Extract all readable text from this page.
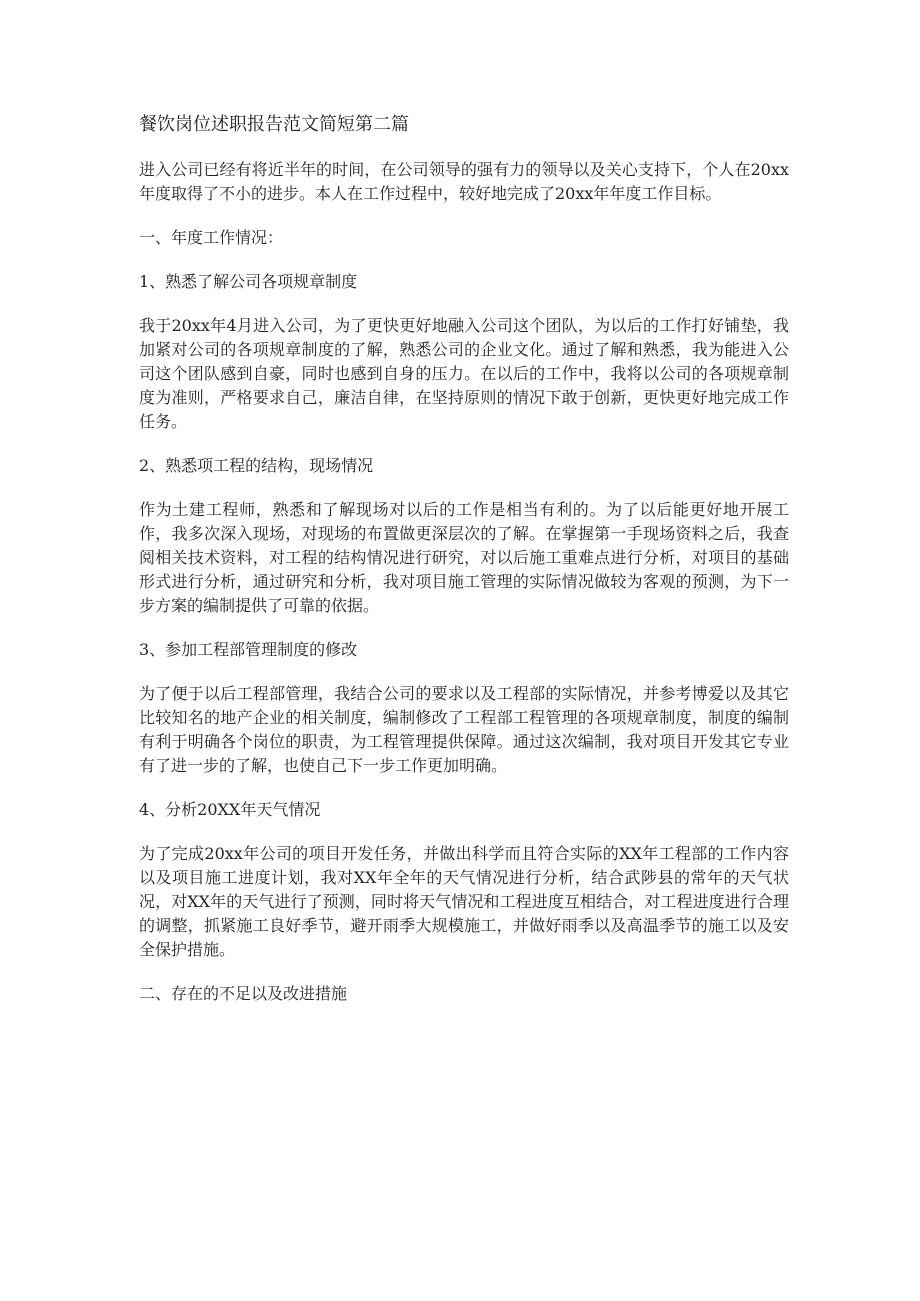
餐饮岗位述职报告范文简短第二篇
进入公司已经有将近半年的时间，在公司领导的强有力的领导以及关心支持下，个人在20xx年度取得了不小的进步。本人在工作过程中，较好地完成了20xx年年度工作目标。
一、年度工作情况：
1、熟悉了解公司各项规章制度
我于20xx年4月进入公司，为了更快更好地融入公司这个团队，为以后的工作打好铺垫，我加紧对公司的各项规章制度的了解，熟悉公司的企业文化。通过了解和熟悉，我为能进入公司这个团队感到自豪，同时也感到自身的压力。在以后的工作中，我将以公司的各项规章制度为准则，严格要求自己，廉洁自律，在坚持原则的情况下敢于创新，更快更好地完成工作任务。
2、熟悉项工程的结构，现场情况
作为土建工程师，熟悉和了解现场对以后的工作是相当有利的。为了以后能更好地开展工作，我多次深入现场，对现场的布置做更深层次的了解。在掌握第一手现场资料之后，我查阅相关技术资料，对工程的结构情况进行研究，对以后施工重难点进行分析，对项目的基础形式进行分析，通过研究和分析，我对项目施工管理的实际情况做较为客观的预测，为下一步方案的编制提供了可靠的依据。
3、参加工程部管理制度的修改
为了便于以后工程部管理，我结合公司的要求以及工程部的实际情况，并参考博爱以及其它比较知名的地产企业的相关制度，编制修改了工程部工程管理的各项规章制度，制度的编制有利于明确各个岗位的职责，为工程管理提供保障。通过这次编制，我对项目开发其它专业有了进一步的了解，也使自己下一步工作更加明确。
4、分析20XX年天气情况
为了完成20xx年公司的项目开发任务，并做出科学而且符合实际的XX年工程部的工作内容以及项目施工进度计划，我对XX年全年的天气情况进行分析，结合武陟县的常年的天气状况，对XX年的天气进行了预测，同时将天气情况和工程进度互相结合，对工程进度进行合理的调整，抓紧施工良好季节，避开雨季大规模施工，并做好雨季以及高温季节的施工以及安全保护措施。
二、存在的不足以及改进措施
